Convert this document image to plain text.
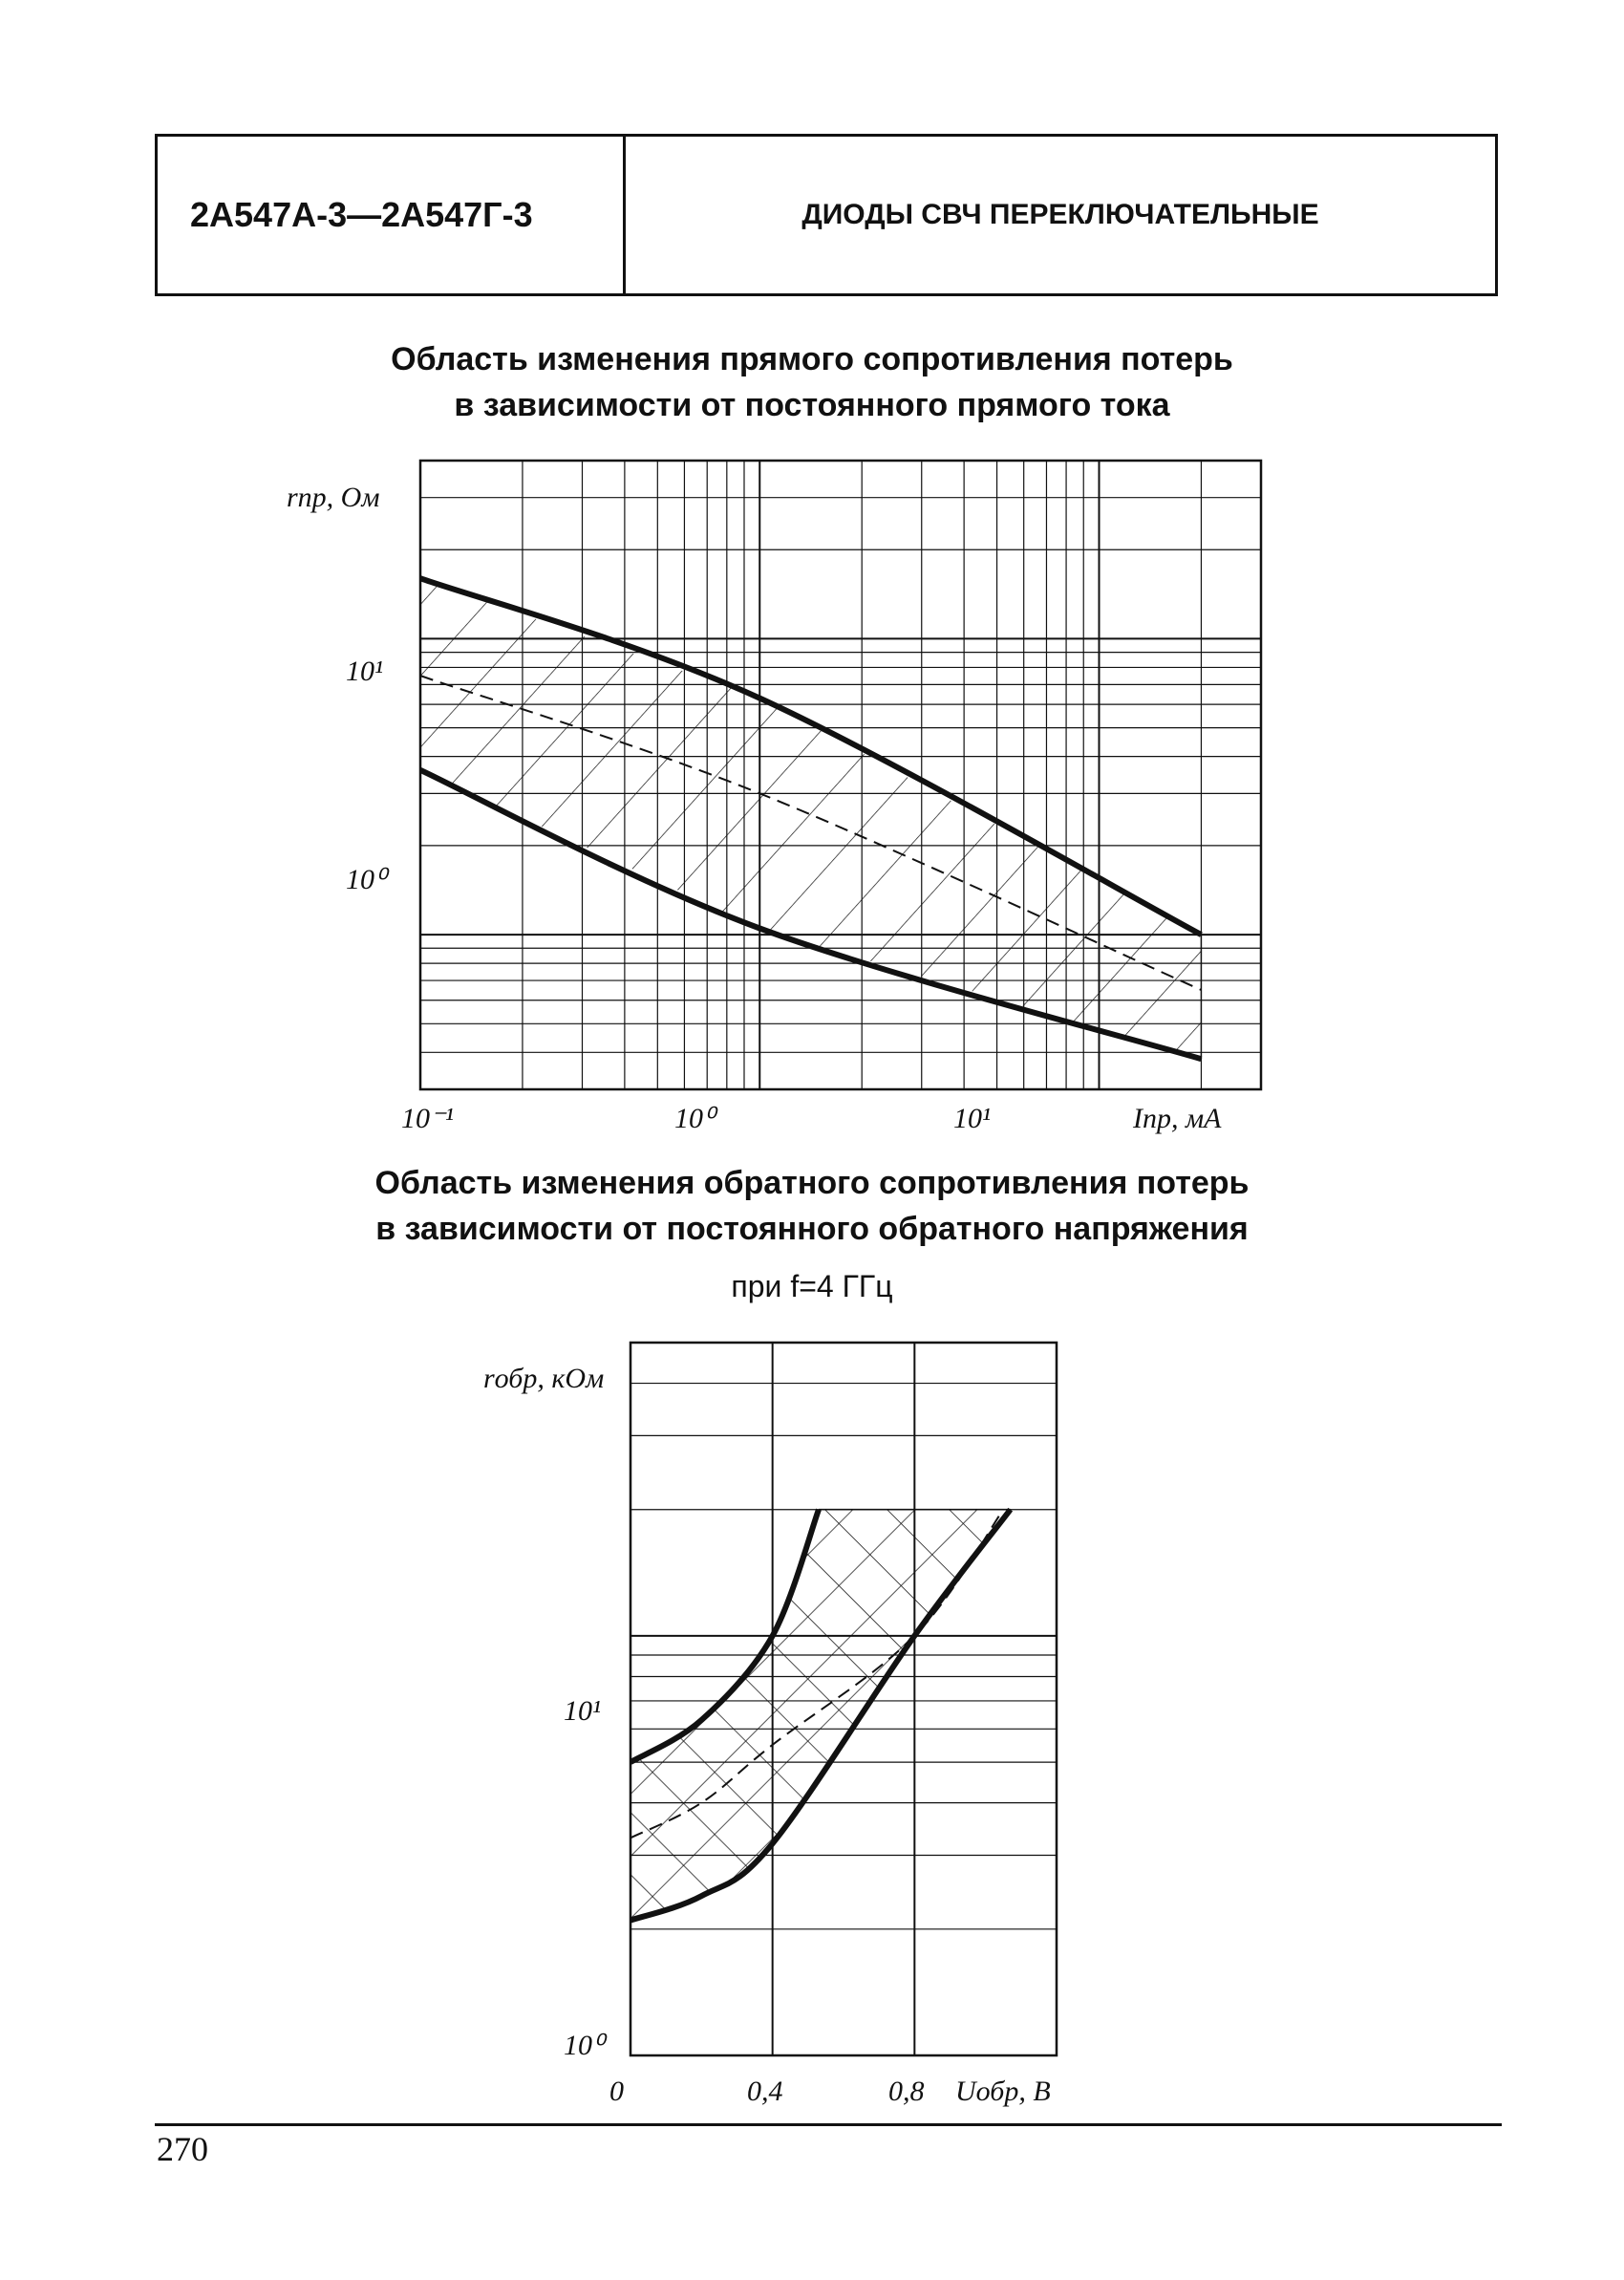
2А547А-3—2А547Г-3	ДИОДЫ СВЧ ПЕРЕКЛЮЧАТЕЛЬНЫЕ
Область изменения прямого сопротивления потерь
в зависимости от постоянного прямого тока
Область изменения обратного сопротивления потерь
в зависимости от постоянного обратного напряжения
при f=4 ГГц
rпр, Ом
10¹
10⁰
10⁻¹	10⁰	10¹	Iпр, мА
rобр, кОм
10¹
10⁰
0	0,4	0,8 Uобр, В
270
